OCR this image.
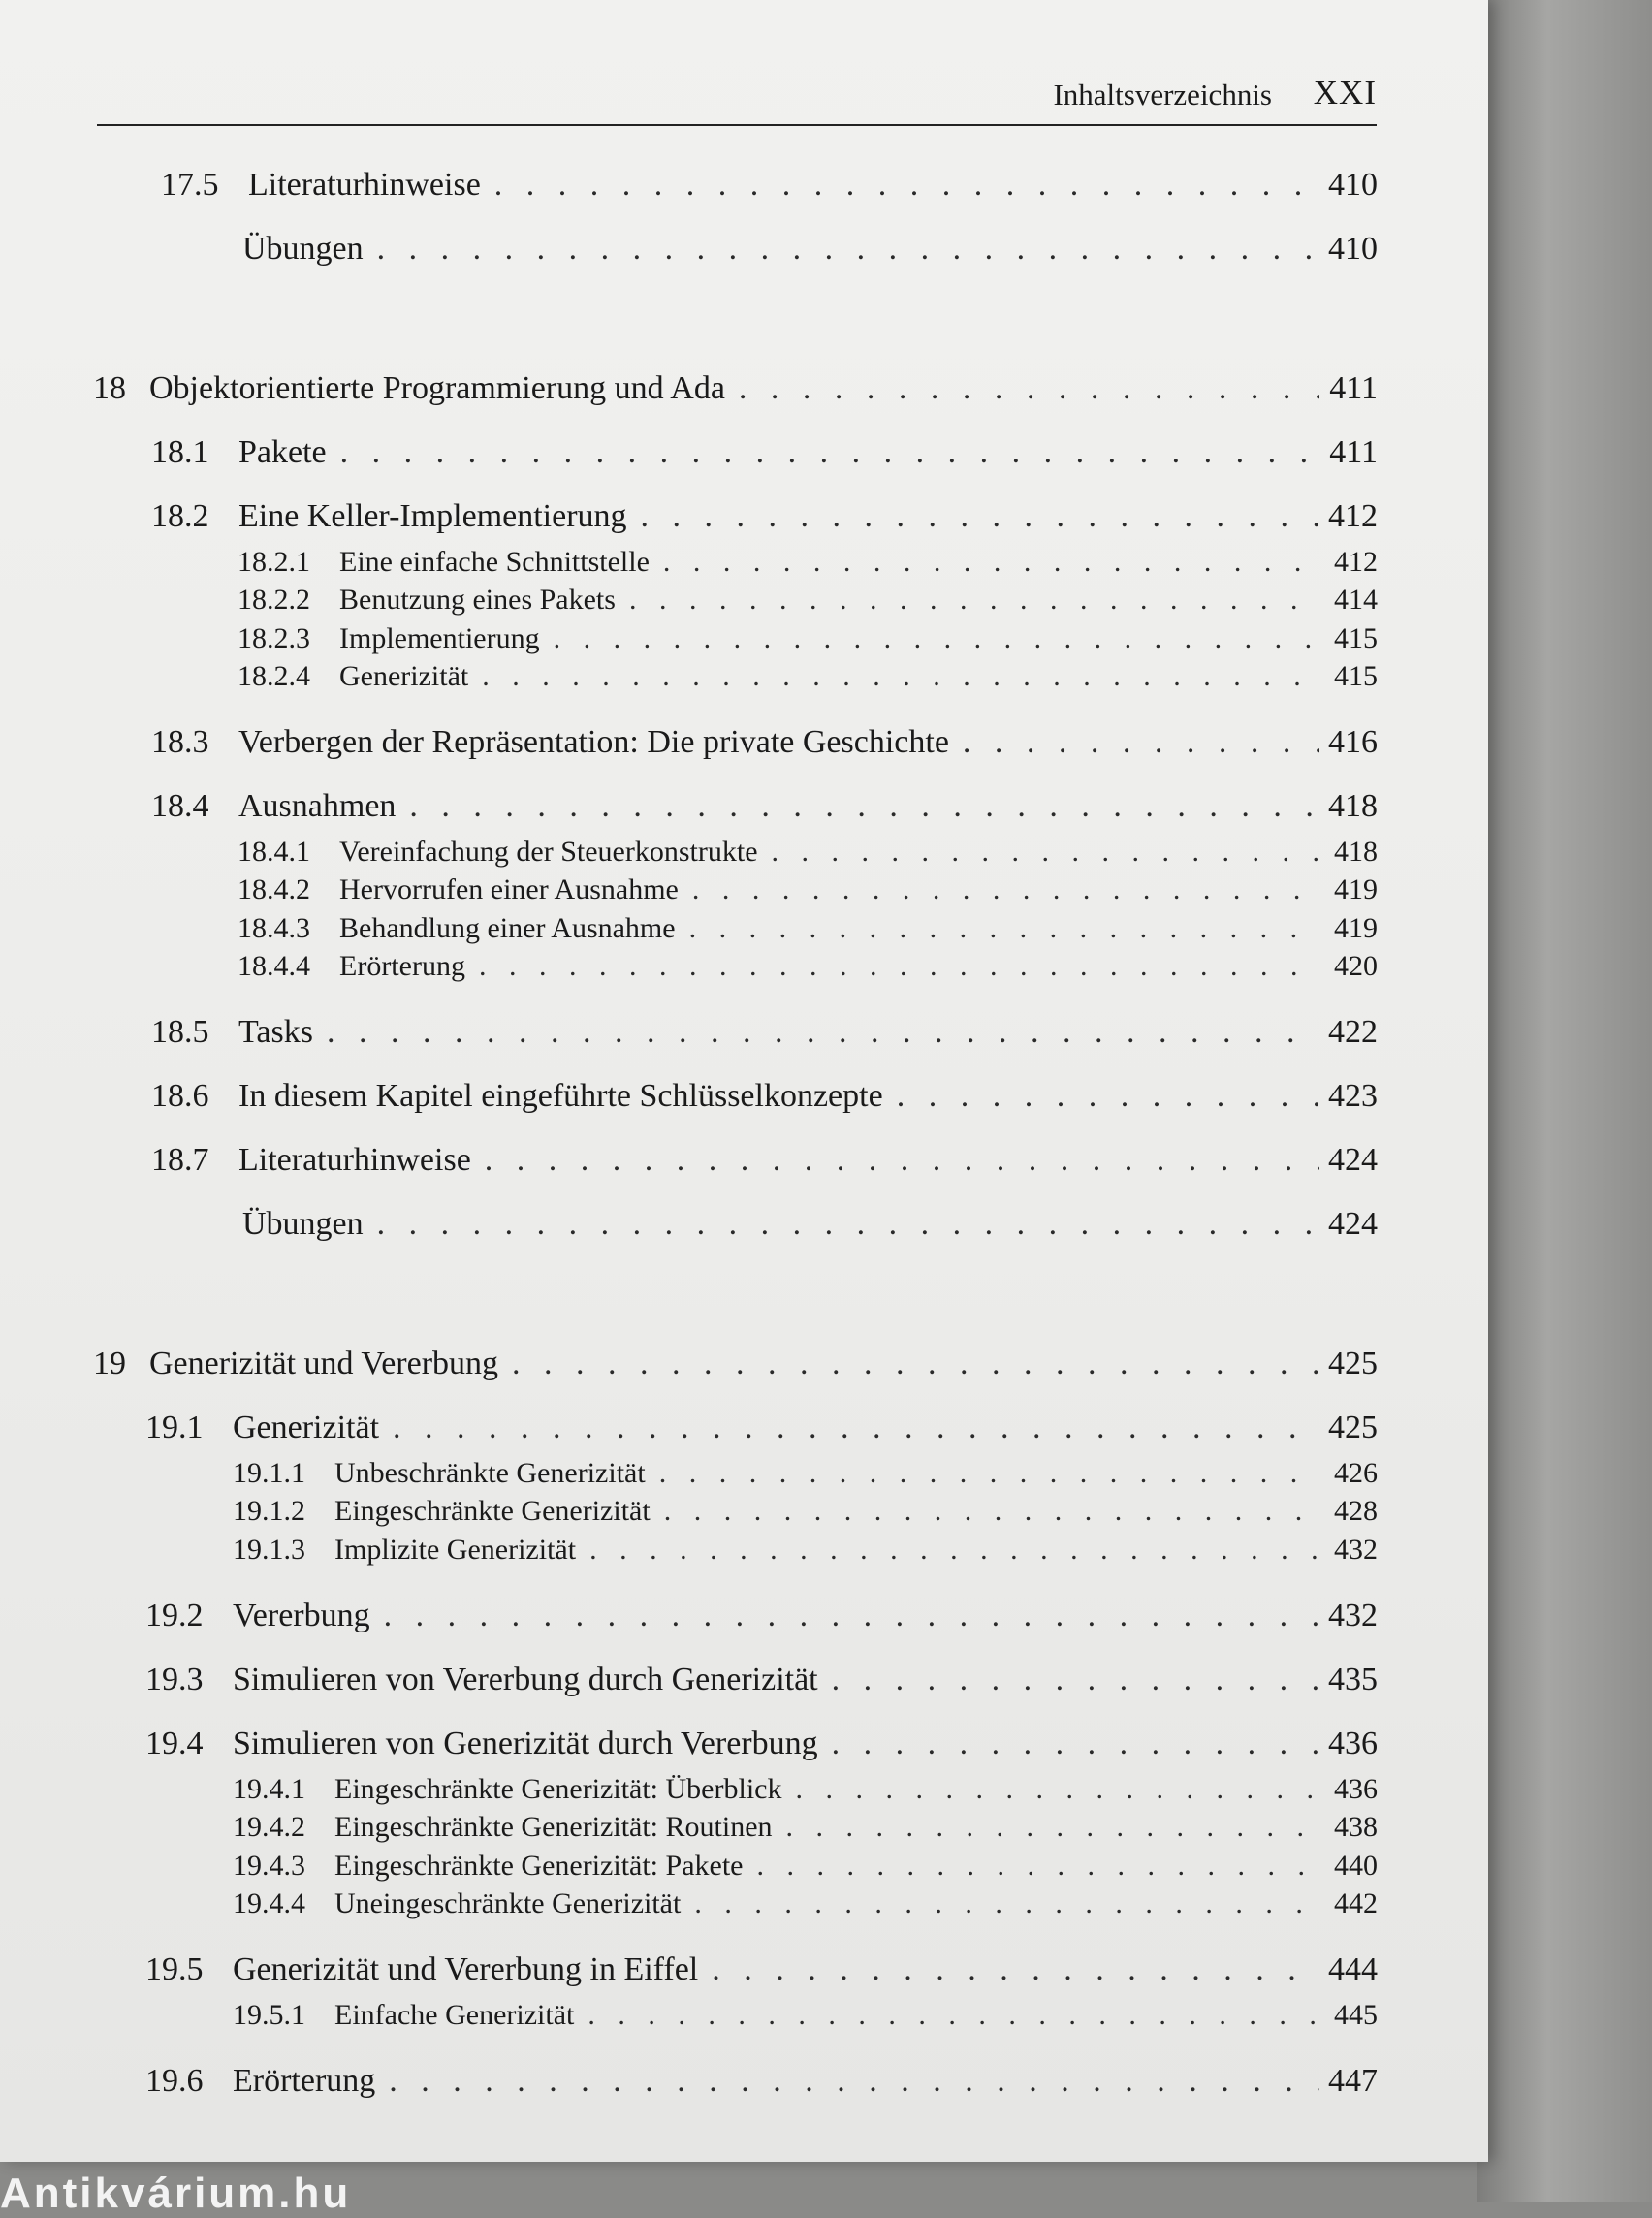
Inhaltsverzeichnis XXI
17.5 Literaturhinweise . . .	410
Übungen . . .	410
18 Objektorientierte Programmierung und Ada . . .	411
18.1 Pakete . . .	411
18.2 Eine Keller-Implementierung . . .	412
18.2.1	Eine einfache Schnittstelle . . .	412
18.2.2	Benutzung eines Pakets . . .	414
18.2.3	Implementierung . . .	415
18.2.4	Generizität . . .	415
18.3 Verbergen der Repräsentation: Die private Geschichte . . .	416
18.4 Ausnahmen . . .	418
18.4.1	Vereinfachung der Steuerkonstrukte . . .	418
18.4.2	Hervorrufen einer Ausnahme . . .	419
18.4.3	Behandlung einer Ausnahme . . .	419
18.4.4	Erörterung . . .	420
18.5 Tasks . . .	422
18.6 In diesem Kapitel eingeführte Schlüsselkonzepte . . .	423
18.7 Literaturhinweise . . .	424
Übungen . . .	424
19 Generizität und Vererbung . . .	425
19.1 Generizität . . .	425
19.1.1	Unbeschränkte Generizität . . .	426
19.1.2	Eingeschränkte Generizität . . .	428
19.1.3	Implizite Generizität . . .	432
19.2 Vererbung . . .	432
19.3 Simulieren von Vererbung durch Generizität . . .	435
19.4 Simulieren von Generizität durch Vererbung . . .	436
19.4.1	Eingeschränkte Generizität: Überblick . . .	436
19.4.2	Eingeschränkte Generizität: Routinen . . .	438
19.4.3	Eingeschränkte Generizität: Pakete . . .	440
19.4.4	Uneingeschränkte Generizität . . .	442
19.5 Generizität und Vererbung in Eiffel . . .	444
19.5.1	Einfache Generizität . . .	445
19.6 Erörterung . . .	447
Antikvárium.hu
